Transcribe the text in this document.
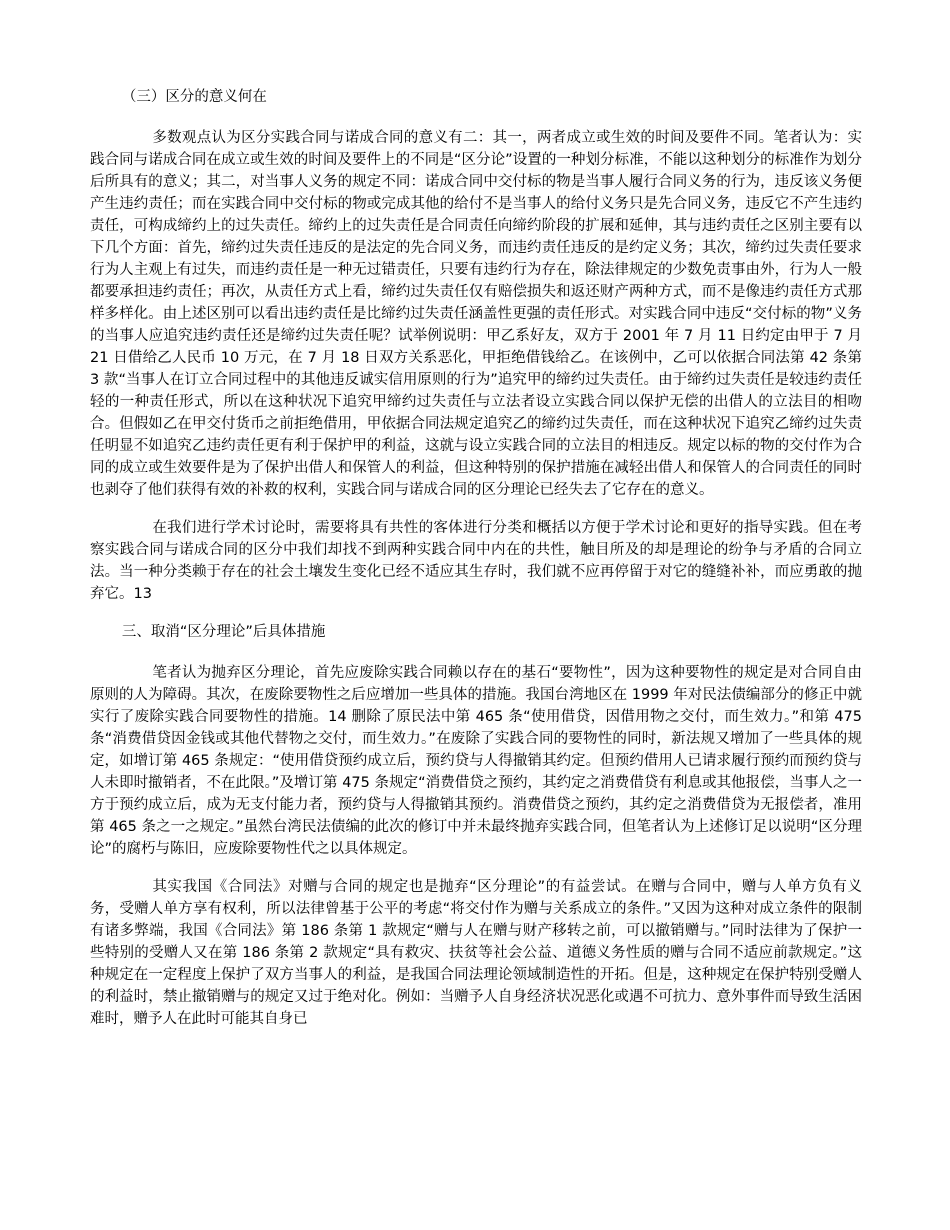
（三）区分的意义何在

多数观点认为区分实践合同与诺成合同的意义有二：其一，两者成立或生效的时间及要件不同。笔者认为：实践合同与诺成合同在成立或生效的时间及要件上的不同是“区分论”设置的一种划分标准，不能以这种划分的标准作为划分后所具有的意义；其二，对当事人义务的规定不同：诺成合同中交付标的物是当事人履行合同义务的行为，违反该义务便产生违约责任；而在实践合同中交付标的物或完成其他的给付不是当事人的给付义务只是先合同义务，违反它不产生违约责任，可构成缔约上的过失责任。缔约上的过失责任是合同责任向缔约阶段的扩展和延伸，其与违约责任之区别主要有以下几个方面：首先，缔约过失责任违反的是法定的先合同义务，而违约责任违反的是约定义务；其次，缔约过失责任要求行为人主观上有过失，而违约责任是一种无过错责任，只要有违约行为存在，除法律规定的少数免责事由外，行为人一般都要承担违约责任；再次，从责任方式上看，缔约过失责任仅有赔偿损失和返还财产两种方式，而不是像违约责任方式那样多样化。由上述区别可以看出违约责任是比缔约过失责任涵盖性更强的责任形式。对实践合同中违反“交付标的物”义务的当事人应追究违约责任还是缔约过失责任呢？试举例说明：甲乙系好友，双方于 2001 年 7 月 11 日约定由甲于 7 月 21 日借给乙人民币 10 万元，在 7 月 18 日双方关系恶化，甲拒绝借钱给乙。在该例中，乙可以依据合同法第 42 条第 3 款“当事人在订立合同过程中的其他违反诚实信用原则的行为”追究甲的缔约过失责任。由于缔约过失责任是较违约责任轻的一种责任形式，所以在这种状况下追究甲缔约过失责任与立法者设立实践合同以保护无偿的出借人的立法目的相吻合。但假如乙在甲交付货币之前拒绝借用，甲依据合同法规定追究乙的缔约过失责任，而在这种状况下追究乙缔约过失责任明显不如追究乙违约责任更有利于保护甲的利益，这就与设立实践合同的立法目的相违反。规定以标的物的交付作为合同的成立或生效要件是为了保护出借人和保管人的利益，但这种特别的保护措施在减轻出借人和保管人的合同责任的同时也剥夺了他们获得有效的补救的权利，实践合同与诺成合同的区分理论已经失去了它存在的意义。

在我们进行学术讨论时，需要将具有共性的客体进行分类和概括以方便于学术讨论和更好的指导实践。但在考察实践合同与诺成合同的区分中我们却找不到两种实践合同中内在的共性，触目所及的却是理论的纷争与矛盾的合同立法。当一种分类赖于存在的社会土壤发生变化已经不适应其生存时，我们就不应再停留于对它的缝缝补补，而应勇敢的抛弃它。13

三、取消“区分理论”后具体措施

笔者认为抛弃区分理论，首先应废除实践合同赖以存在的基石“要物性”，因为这种要物性的规定是对合同自由原则的人为障碍。其次，在废除要物性之后应增加一些具体的措施。我国台湾地区在 1999 年对民法债编部分的修正中就实行了废除实践合同要物性的措施。14 删除了原民法中第 465 条“使用借贷，因借用物之交付，而生效力。”和第 475 条“消费借贷因金钱或其他代替物之交付，而生效力。”在废除了实践合同的要物性的同时，新法规又增加了一些具体的规定，如增订第 465 条规定：“使用借贷预约成立后，预约贷与人得撤销其约定。但预约借用人已请求履行预约而预约贷与人未即时撤销者，不在此限。”及增订第 475 条规定“消费借贷之预约，其约定之消费借贷有利息或其他报偿，当事人之一方于预约成立后，成为无支付能力者，预约贷与人得撤销其预约。消费借贷之预约，其约定之消费借贷为无报偿者，准用第 465 条之一之规定。”虽然台湾民法债编的此次的修订中并未最终抛弃实践合同，但笔者认为上述修订足以说明“区分理论”的腐朽与陈旧，应废除要物性代之以具体规定。

其实我国《合同法》对赠与合同的规定也是抛弃“区分理论”的有益尝试。在赠与合同中，赠与人单方负有义务，受赠人单方享有权利，所以法律曾基于公平的考虑“将交付作为赠与关系成立的条件。”又因为这种对成立条件的限制有诸多弊端，我国《合同法》第 186 条第 1 款规定“赠与人在赠与财产移转之前，可以撤销赠与。”同时法律为了保护一些特别的受赠人又在第 186 条第 2 款规定“具有救灾、扶贫等社会公益、道德义务性质的赠与合同不适应前款规定。”这种规定在一定程度上保护了双方当事人的利益，是我国合同法理论领域制造性的开拓。但是，这种规定在保护特别受赠人的利益时，禁止撤销赠与的规定又过于绝对化。例如：当赠予人自身经济状况恶化或遇不可抗力、意外事件而导致生活困难时，赠予人在此时可能其自身已
